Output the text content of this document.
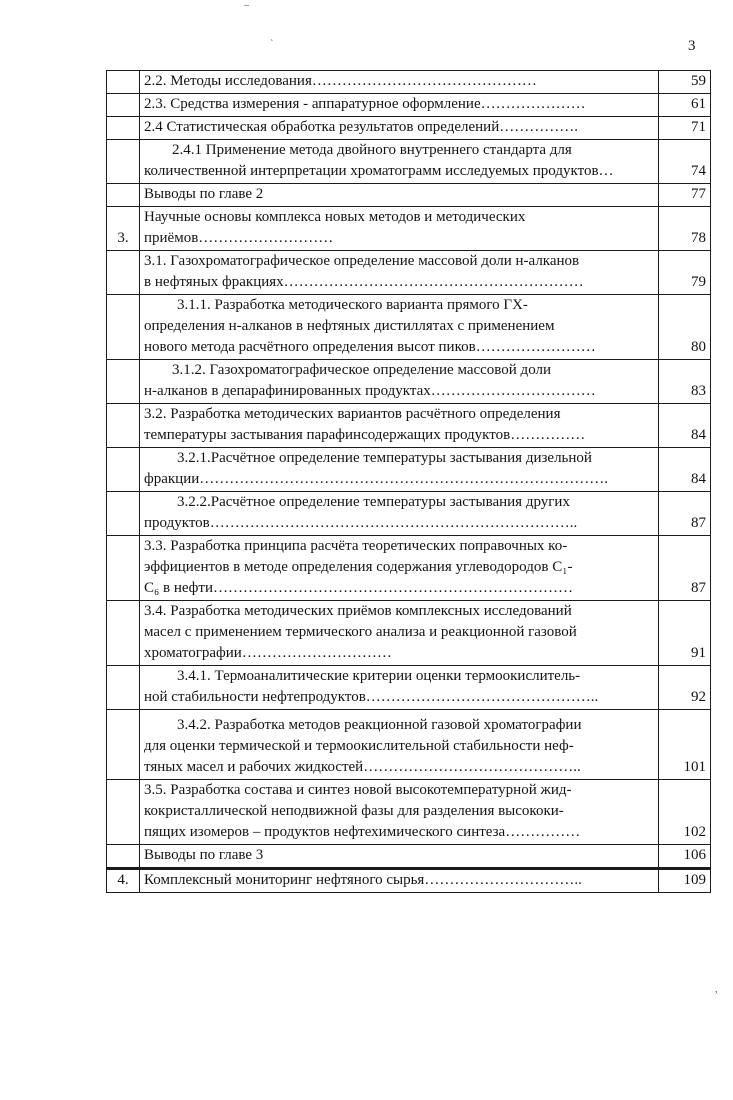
¯
`
,
3

	2.2. Методы исследования………………………………………	59

	2.3. Средства измерения - аппаратурное оформление…………………	61

	2.4 Статистическая обработка результатов определений…………….	71

	2.4.1 Применение метода двойного внутреннего стандарта для
количественной интерпретации хроматограмм исследуемых продуктов…	74

	Выводы по главе 2	77
3.	Научные основы комплекса новых методов и методических
приёмов………………………	78

	3.1. Газохроматографическое определение массовой доли н-алканов
в нефтяных фракциях……………………………………………………	79

	3.1.1. Разработка методического варианта прямого ГХ-
определения н-алканов в нефтяных дистиллятах с применением
нового метода расчётного определения высот пиков……………………	80

	3.1.2. Газохроматографическое определение массовой доли
н-алканов в депарафинированных продуктах……………………………	83

	3.2. Разработка методических вариантов расчётного определения
температуры застывания парафинсодержащих продуктов……………	84

	3.2.1.Расчётное определение температуры застывания дизельной
фракции……………………………………………………………………….	84

	3.2.2.Расчётное определение температуры застывания других
продуктов………………………………………………………………..	87

	3.3. Разработка принципа расчёта теоретических поправочных ко-
эффициентов в методе определения содержания углеводородов C₁-
C₆ в нефти………………………………………………………………	87

	3.4. Разработка методических приёмов комплексных исследований
масел с применением термического анализа и реакционной газовой
хроматографии…………………………	91

	3.4.1. Термоаналитические критерии оценки термоокислитель-
ной стабильности нефтепродуктов………………………………………..	92

	3.4.2. Разработка методов реакционной газовой хроматографии
для оценки термической и термоокислительной стабильности неф-
тяных масел и рабочих жидкостей……………………………………..	101

	3.5. Разработка состава и синтез новой высокотемпературной жид-
кокристаллической неподвижной фазы для разделения высококи-
пящих изомеров – продуктов нефтехимического синтеза……………	102

	Выводы по главе 3	106
4.	Комплексный мониторинг нефтяного сырья…………………………..	109
